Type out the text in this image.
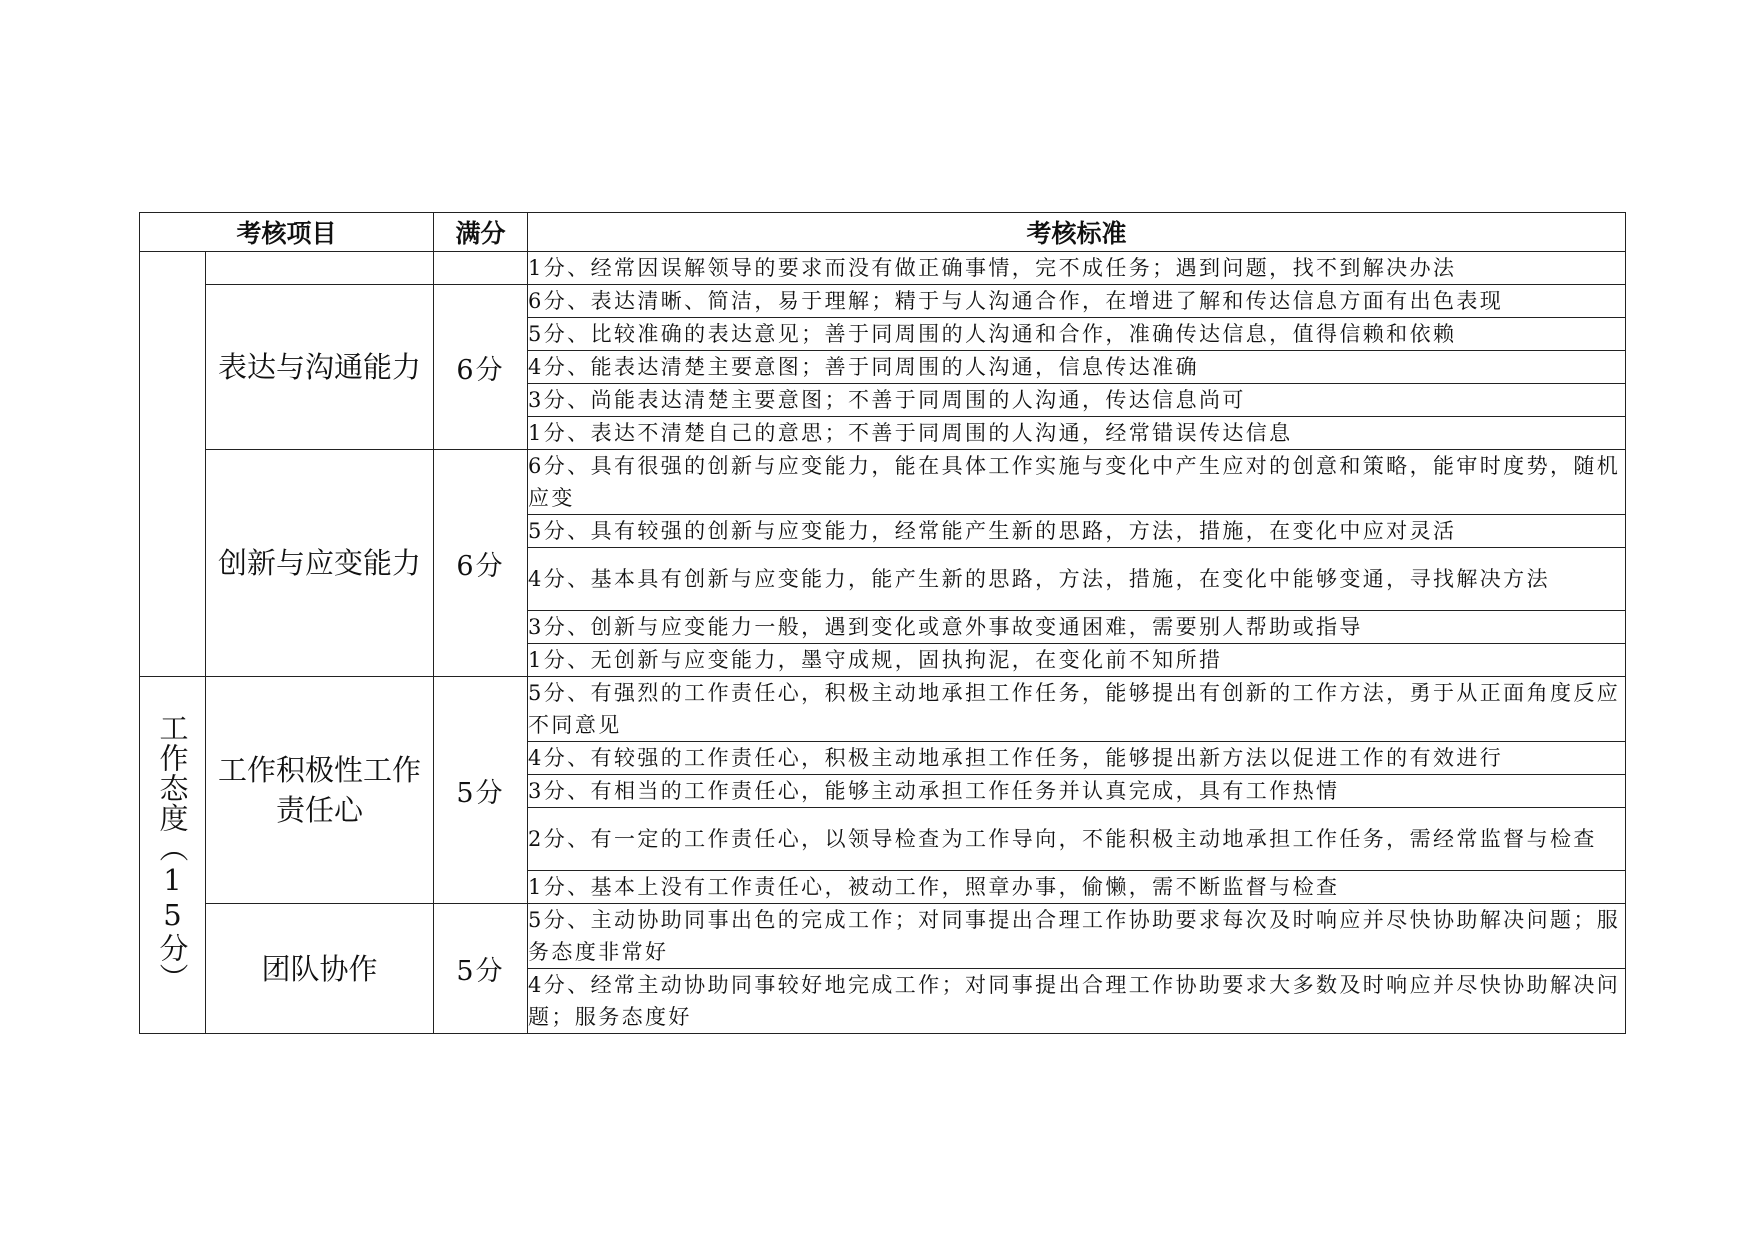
考核项目		满分	考核标准
			1分、经常因误解领导的要求而没有做正确事情，完不成任务；遇到问题，找不到解决办法
	表达与沟通能力	6分	6分、表达清晰、简洁，易于理解；精于与人沟通合作，在增进了解和传达信息方面有出色表现
			5分、比较准确的表达意见；善于同周围的人沟通和合作，准确传达信息，值得信赖和依赖
			4分、能表达清楚主要意图；善于同周围的人沟通，信息传达准确
			3分、尚能表达清楚主要意图；不善于同周围的人沟通，传达信息尚可
			1分、表达不清楚自己的意思；不善于同周围的人沟通，经常错误传达信息
	创新与应变能力	6分	6分、具有很强的创新与应变能力，能在具体工作实施与变化中产生应对的创意和策略，能审时度势，随机应变
			5分、具有较强的创新与应变能力，经常能产生新的思路，方法，措施，在变化中应对灵活
			4分、基本具有创新与应变能力，能产生新的思路，方法，措施，在变化中能够变通，寻找解决方法
			3分、创新与应变能力一般，遇到变化或意外事故变通困难，需要别人帮助或指导
			1分、无创新与应变能力，墨守成规，固执拘泥，在变化前不知所措
工作态度（15分）	工作积极性工作责任心	5分	5分、有强烈的工作责任心，积极主动地承担工作任务，能够提出有创新的工作方法，勇于从正面角度反应不同意见
			4分、有较强的工作责任心，积极主动地承担工作任务，能够提出新方法以促进工作的有效进行
			3分、有相当的工作责任心，能够主动承担工作任务并认真完成，具有工作热情
			2分、有一定的工作责任心，以领导检查为工作导向，不能积极主动地承担工作任务，需经常监督与检查
			1分、基本上没有工作责任心，被动工作，照章办事，偷懒，需不断监督与检查
	团队协作	5分	5分、主动协助同事出色的完成工作；对同事提出合理工作协助要求每次及时响应并尽快协助解决问题；服务态度非常好
			4分、经常主动协助同事较好地完成工作；对同事提出合理工作协助要求大多数及时响应并尽快协助解决问题；服务态度好
